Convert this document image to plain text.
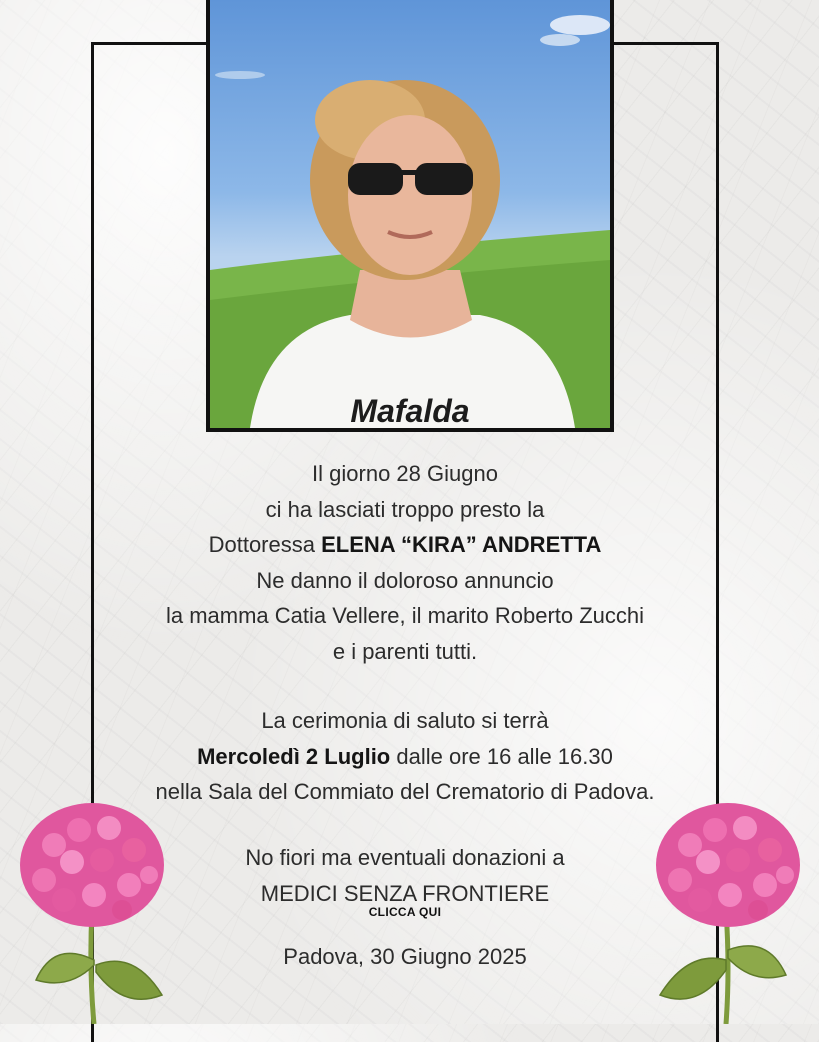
Mafalda
Il giorno 28 Giugno
ci ha lasciati troppo presto la
Dottoressa ELENA “KIRA” ANDRETTA
Ne danno il doloroso annuncio
la mamma Catia Vellere, il marito Roberto Zucchi
e i parenti tutti.
La cerimonia di saluto si terrà
Mercoledì 2 Luglio dalle ore 16 alle 16.30
nella Sala del Commiato del Crematorio di Padova.
No fiori ma eventuali donazioni a
MEDICI SENZA FRONTIERE
CLICCA QUI
Padova, 30 Giugno 2025
